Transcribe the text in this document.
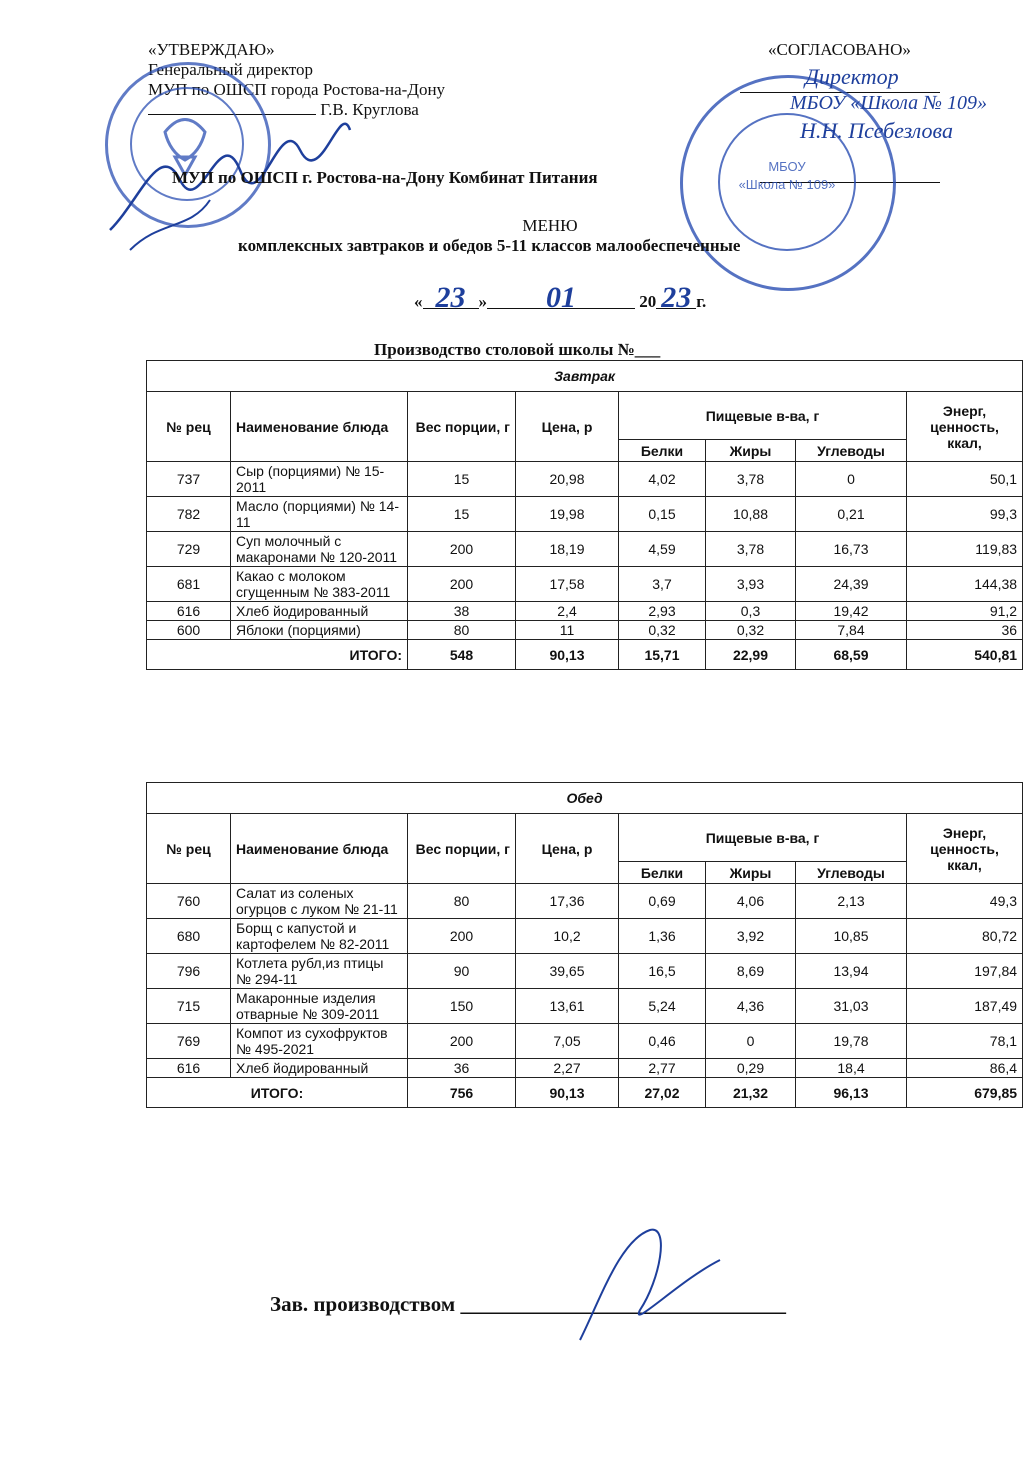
«УТВЕРЖДАЮ»
Генеральный директор
МУП по ОШСП города Ростова-на-Дону
Г.В. Круглова
«СОГЛАСОВАНО»
МБОУ
«Школа № 109»
Директор
МБОУ «Школа № 109»
Н.Н. Псебезлова
МУП по ОШСП г. Ростова-на-Дону Комбинат Питания
МЕНЮ
комплексных завтраков и обедов 5-11 классов малообеспеченные
« 23 » 01	20 23 г.
Производство столовой школы №___
Завтрак							
№ рец	Наименование блюда	Вес порции, г	Цена, р	Пищевые в-ва, г			Энерг, ценность, ккал,
				Белки	Жиры	Углеводы	
737	Сыр (порциями) № 15-2011	15	20,98	4,02	3,78	0	50,1
782	Масло (порциями) № 14-11	15	19,98	0,15	10,88	0,21	99,3
729	Суп молочный с макаронами № 120-2011	200	18,19	4,59	3,78	16,73	119,83
681	Какао с молоком сгущенным № 383-2011	200	17,58	3,7	3,93	24,39	144,38
616	Хлеб йодированный	38	2,4	2,93	0,3	19,42	91,2
600	Яблоки (порциями)	80	11	0,32	0,32	7,84	36
ИТОГО:		548	90,13	15,71	22,99	68,59	540,81
Обед							
№ рец	Наименование блюда	Вес порции, г	Цена, р	Пищевые в-ва, г			Энерг, ценность, ккал,
				Белки	Жиры	Углеводы	
760	Салат из соленых огурцов с луком № 21-11	80	17,36	0,69	4,06	2,13	49,3
680	Борщ с капустой и картофелем № 82-2011	200	10,2	1,36	3,92	10,85	80,72
796	Котлета рубл,из птицы № 294-11	90	39,65	16,5	8,69	13,94	197,84
715	Макаронные изделия отварные № 309-2011	150	13,61	5,24	4,36	31,03	187,49
769	Компот из сухофруктов № 495-2021	200	7,05	0,46	0	19,78	78,1
616	Хлеб йодированный	36	2,27	2,77	0,29	18,4	86,4
ИТОГО:		756	90,13	27,02	21,32	96,13	679,85
Зав. производством _______________________________
